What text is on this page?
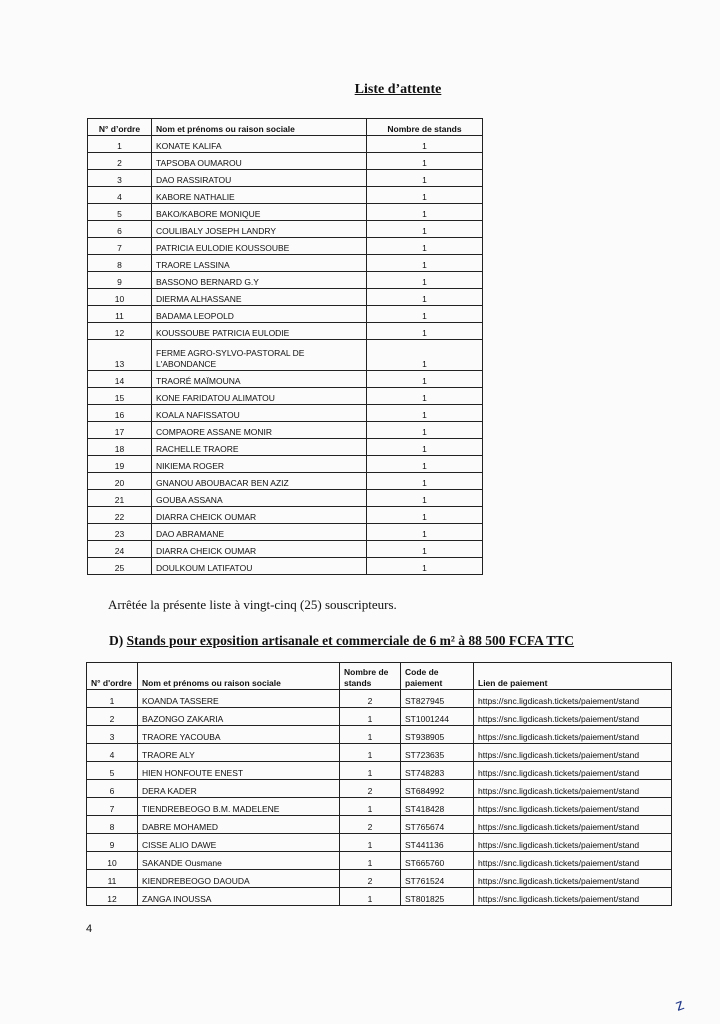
Liste d’attente
N° d’ordre	Nom et prénoms ou raison sociale	Nombre de stands
1	KONATE KALIFA	1
2	TAPSOBA OUMAROU	1
3	DAO RASSIRATOU	1
4	KABORE NATHALIE	1
5	BAKO/KABORE MONIQUE	1
6	COULIBALY JOSEPH LANDRY	1
7	PATRICIA EULODIE KOUSSOUBE	1
8	TRAORE LASSINA	1
9	BASSONO BERNARD G.Y	1
10	DIERMA ALHASSANE	1
11	BADAMA LEOPOLD	1
12	KOUSSOUBE PATRICIA EULODIE	1
13	FERME AGRO-SYLVO-PASTORAL DE L'ABONDANCE	1
14	TRAORÉ MAÏMOUNA	1
15	KONE FARIDATOU ALIMATOU	1
16	KOALA NAFISSATOU	1
17	COMPAORE ASSANE MONIR	1
18	RACHELLE TRAORE	1
19	NIKIEMA ROGER	1
20	GNANOU ABOUBACAR BEN AZIZ	1
21	GOUBA ASSANA	1
22	DIARRA CHEICK OUMAR	1
23	DAO ABRAMANE	1
24	DIARRA CHEICK OUMAR	1
25	DOULKOUM LATIFATOU	1
Arrêtée la présente liste à vingt-cinq (25) souscripteurs.
D) Stands pour exposition artisanale et commerciale de 6 m² à 88 500 FCFA TTC
N° d'ordre	Nom et prénoms ou raison sociale	Nombre de stands	Code de paiement	Lien de paiement
1	KOANDA TASSERE	2	ST827945	https://snc.ligdicash.tickets/paiement/stand
2	BAZONGO ZAKARIA	1	ST1001244	https://snc.ligdicash.tickets/paiement/stand
3	TRAORE YACOUBA	1	ST938905	https://snc.ligdicash.tickets/paiement/stand
4	TRAORE ALY	1	ST723635	https://snc.ligdicash.tickets/paiement/stand
5	HIEN HONFOUTE ENEST	1	ST748283	https://snc.ligdicash.tickets/paiement/stand
6	DERA KADER	2	ST684992	https://snc.ligdicash.tickets/paiement/stand
7	TIENDREBEOGO B.M. MADELENE	1	ST418428	https://snc.ligdicash.tickets/paiement/stand
8	DABRE MOHAMED	2	ST765674	https://snc.ligdicash.tickets/paiement/stand
9	CISSE ALIO DAWE	1	ST441136	https://snc.ligdicash.tickets/paiement/stand
10	SAKANDE Ousmane	1	ST665760	https://snc.ligdicash.tickets/paiement/stand
11	KIENDREBEOGO DAOUDA	2	ST761524	https://snc.ligdicash.tickets/paiement/stand
12	ZANGA INOUSSA	1	ST801825	https://snc.ligdicash.tickets/paiement/stand
4
z
